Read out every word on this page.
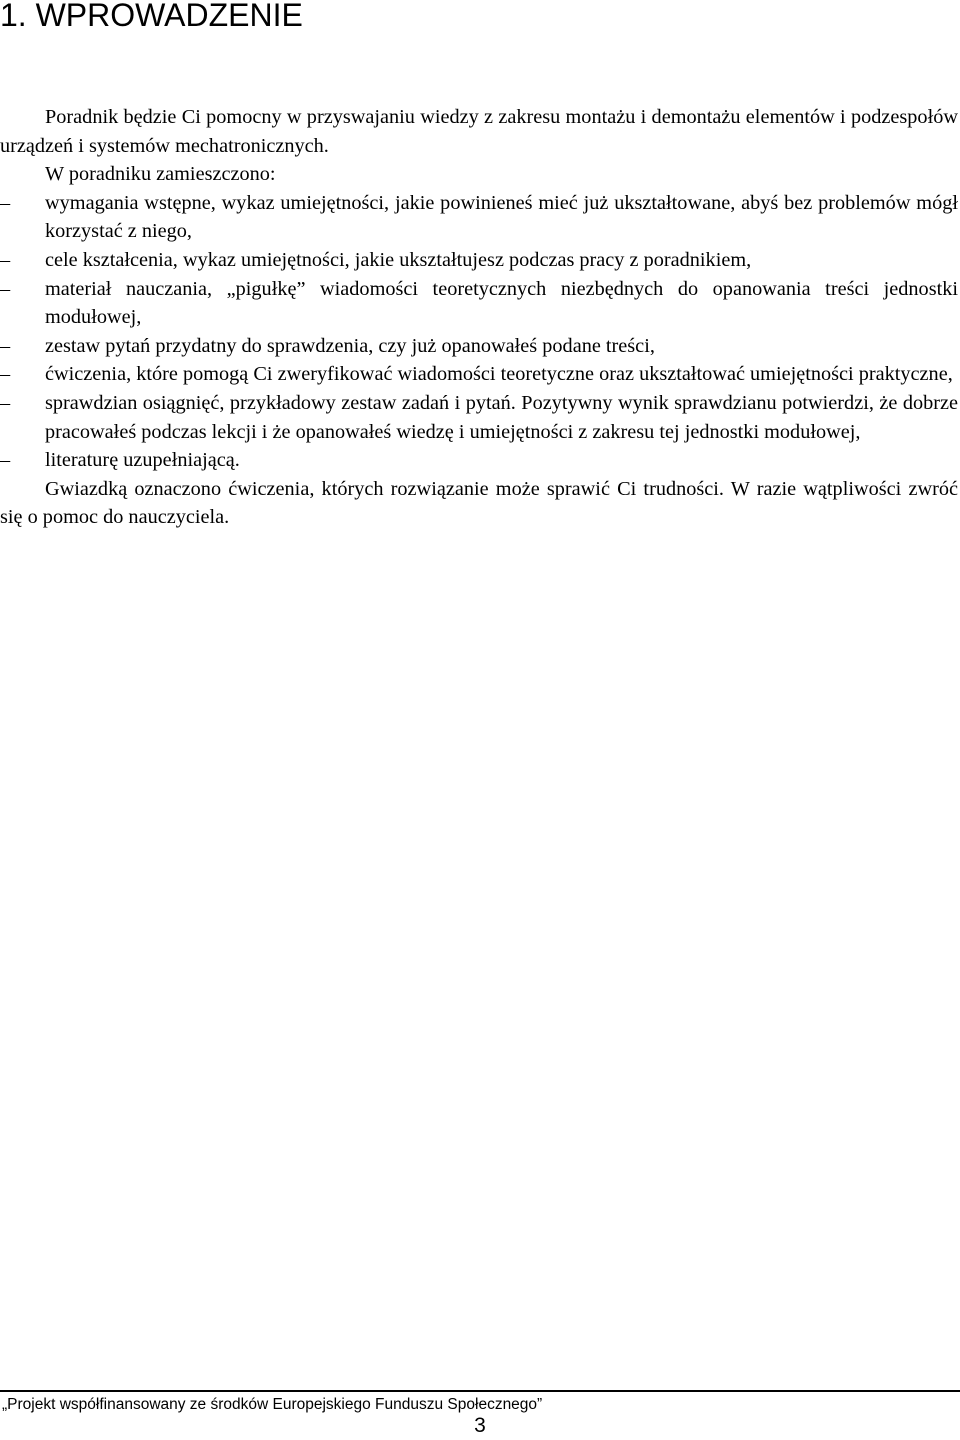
1. WPROWADZENIE

Poradnik będzie Ci pomocny w przyswajaniu wiedzy z zakresu montażu i demontażu elementów i podzespołów urządzeń i systemów mechatronicznych.

W poradniku zamieszczono:

– wymagania wstępne, wykaz umiejętności, jakie powinieneś mieć już ukształtowane, abyś bez problemów mógł korzystać z niego,
– cele kształcenia, wykaz umiejętności, jakie ukształtujesz podczas pracy z poradnikiem,
– materiał nauczania, „pigułkę” wiadomości teoretycznych niezbędnych do opanowania treści jednostki modułowej,
– zestaw pytań przydatny do sprawdzenia, czy już opanowałeś podane treści,
– ćwiczenia, które pomogą Ci zweryfikować wiadomości teoretyczne oraz ukształtować umiejętności praktyczne,
– sprawdzian osiągnięć, przykładowy zestaw zadań i pytań. Pozytywny wynik sprawdzianu potwierdzi, że dobrze pracowałeś podczas lekcji i że opanowałeś wiedzę i umiejętności z zakresu tej jednostki modułowej,
– literaturę uzupełniającą.

Gwiazdką oznaczono ćwiczenia, których rozwiązanie może sprawić Ci trudności. W razie wątpliwości zwróć się o pomoc do nauczyciela.

„Projekt współfinansowany ze środków Europejskiego Funduszu Społecznego”
3
